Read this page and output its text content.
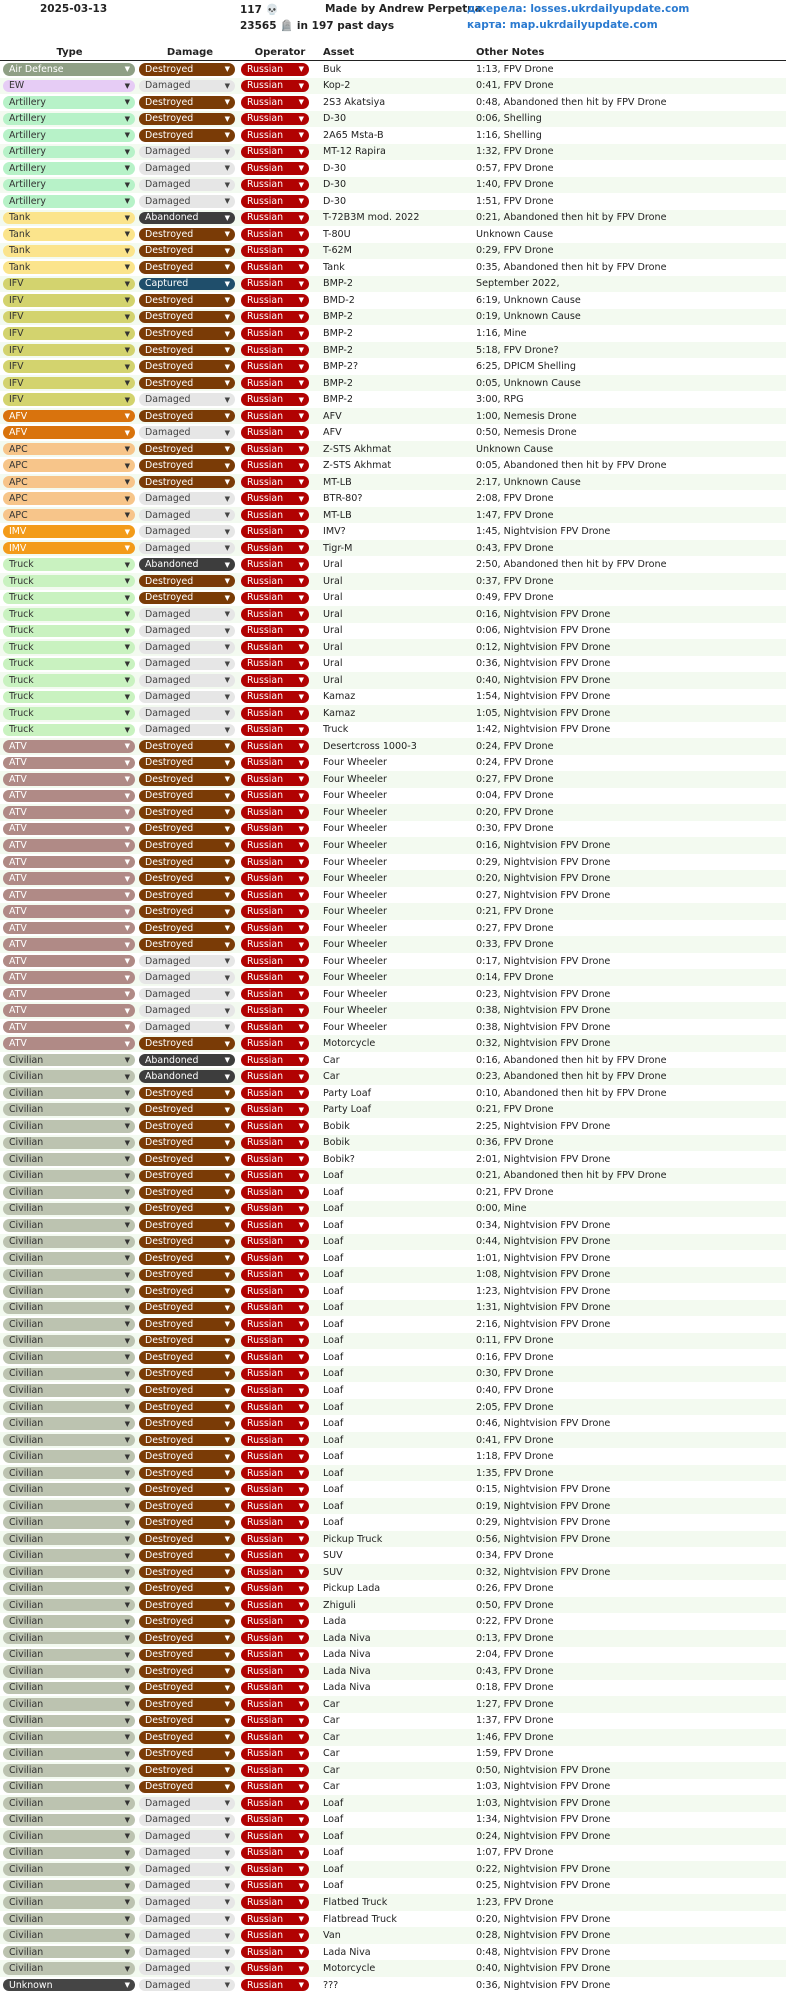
2025-03-13	117 💀
23565 🪦 in 197 past days
Made by Andrew Perpetua
джерела: losses.ukrdailyupdate.com
карта: map.ukrdailyupdate.com
Type	Damage	Operator	Asset	Other Notes
Air Defense	▼ Destroyed	▼ Russian ▼	Buk	1:13, FPV Drone
EW	▼ Damaged	▼ Russian ▼	Kop-2	0:41, FPV Drone
Artillery	▼ Destroyed	▼ Russian ▼	2S3 Akatsiya	0:48, Abandoned then hit by FPV Drone
Artillery	▼ Destroyed	▼ Russian ▼	D-30	0:06, Shelling
Artillery	▼ Destroyed	▼ Russian ▼	2A65 Msta-B	1:16, Shelling
Artillery	▼ Damaged	▼ Russian ▼	MT-12 Rapira	1:32, FPV Drone
Artillery	▼ Damaged	▼ Russian ▼	D-30	0:57, FPV Drone
Artillery	▼ Damaged	▼ Russian ▼	D-30	1:40, FPV Drone
Artillery	▼ Damaged	▼ Russian ▼	D-30	1:51, FPV Drone
Tank	▼ Abandoned	▼ Russian ▼	T-72B3M mod. 2022	0:21, Abandoned then hit by FPV Drone
Tank	▼ Destroyed	▼ Russian ▼	T-80U	Unknown Cause
Tank	▼ Destroyed	▼ Russian ▼	T-62M	0:29, FPV Drone
Tank	▼ Destroyed	▼ Russian ▼	Tank	0:35, Abandoned then hit by FPV Drone
IFV	▼ Captured	▼ Russian ▼	BMP-2	September 2022,
IFV	▼ Destroyed	▼ Russian ▼	BMD-2	6:19, Unknown Cause
IFV	▼ Destroyed	▼ Russian ▼	BMP-2	0:19, Unknown Cause
IFV	▼ Destroyed	▼ Russian ▼	BMP-2	1:16, Mine
IFV	▼ Destroyed	▼ Russian ▼	BMP-2	5:18, FPV Drone?
IFV	▼ Destroyed	▼ Russian ▼	BMP-2?	6:25, DPICM Shelling
IFV	▼ Destroyed	▼ Russian ▼	BMP-2	0:05, Unknown Cause
IFV	▼ Damaged	▼ Russian ▼	BMP-2	3:00, RPG
AFV	▼ Destroyed	▼ Russian ▼	AFV	1:00, Nemesis Drone
AFV	▼ Damaged	▼ Russian ▼	AFV	0:50, Nemesis Drone
APC	▼ Destroyed	▼ Russian ▼	Z-STS Akhmat	Unknown Cause
APC	▼ Destroyed	▼ Russian ▼	Z-STS Akhmat	0:05, Abandoned then hit by FPV Drone
APC	▼ Destroyed	▼ Russian ▼	MT-LB	2:17, Unknown Cause
APC	▼ Damaged	▼ Russian ▼	BTR-80?	2:08, FPV Drone
APC	▼ Damaged	▼ Russian ▼	MT-LB	1:47, FPV Drone
IMV	▼ Damaged	▼ Russian ▼	IMV?	1:45, Nightvision FPV Drone
IMV	▼ Damaged	▼ Russian ▼	Tigr-M	0:43, FPV Drone
Truck	▼ Abandoned	▼ Russian ▼	Ural	2:50, Abandoned then hit by FPV Drone
Truck	▼ Destroyed	▼ Russian ▼	Ural	0:37, FPV Drone
Truck	▼ Destroyed	▼ Russian ▼	Ural	0:49, FPV Drone
Truck	▼ Damaged	▼ Russian ▼	Ural	0:16, Nightvision FPV Drone
Truck	▼ Damaged	▼ Russian ▼	Ural	0:06, Nightvision FPV Drone
Truck	▼ Damaged	▼ Russian ▼	Ural	0:12, Nightvision FPV Drone
Truck	▼ Damaged	▼ Russian ▼	Ural	0:36, Nightvision FPV Drone
Truck	▼ Damaged	▼ Russian ▼	Ural	0:40, Nightvision FPV Drone
Truck	▼ Damaged	▼ Russian ▼	Kamaz	1:54, Nightvision FPV Drone
Truck	▼ Damaged	▼ Russian ▼	Kamaz	1:05, Nightvision FPV Drone
Truck	▼ Damaged	▼ Russian ▼	Truck	1:42, Nightvision FPV Drone
ATV	▼ Destroyed	▼ Russian ▼	Desertcross 1000-3	0:24, FPV Drone
ATV	▼ Destroyed	▼ Russian ▼	Four Wheeler	0:24, FPV Drone
ATV	▼ Destroyed	▼ Russian ▼	Four Wheeler	0:27, FPV Drone
ATV	▼ Destroyed	▼ Russian ▼	Four Wheeler	0:04, FPV Drone
ATV	▼ Destroyed	▼ Russian ▼	Four Wheeler	0:20, FPV Drone
ATV	▼ Destroyed	▼ Russian ▼	Four Wheeler	0:30, FPV Drone
ATV	▼ Destroyed	▼ Russian ▼	Four Wheeler	0:16, Nightvision FPV Drone
ATV	▼ Destroyed	▼ Russian ▼	Four Wheeler	0:29, Nightvision FPV Drone
ATV	▼ Destroyed	▼ Russian ▼	Four Wheeler	0:20, Nightvision FPV Drone
ATV	▼ Destroyed	▼ Russian ▼	Four Wheeler	0:27, Nightvision FPV Drone
ATV	▼ Destroyed	▼ Russian ▼	Four Wheeler	0:21, FPV Drone
ATV	▼ Destroyed	▼ Russian ▼	Four Wheeler	0:27, FPV Drone
ATV	▼ Destroyed	▼ Russian ▼	Four Wheeler	0:33, FPV Drone
ATV	▼ Damaged	▼ Russian ▼	Four Wheeler	0:17, Nightvision FPV Drone
ATV	▼ Damaged	▼ Russian ▼	Four Wheeler	0:14, FPV Drone
ATV	▼ Damaged	▼ Russian ▼	Four Wheeler	0:23, Nightvision FPV Drone
ATV	▼ Damaged	▼ Russian ▼	Four Wheeler	0:38, Nightvision FPV Drone
ATV	▼ Damaged	▼ Russian ▼	Four Wheeler	0:38, Nightvision FPV Drone
ATV	▼ Destroyed	▼ Russian ▼	Motorcycle	0:32, Nightvision FPV Drone
Civilian	▼ Abandoned	▼ Russian ▼	Car	0:16, Abandoned then hit by FPV Drone
Civilian	▼ Abandoned	▼ Russian ▼	Car	0:23, Abandoned then hit by FPV Drone
Civilian	▼ Destroyed	▼ Russian ▼	Party Loaf	0:10, Abandoned then hit by FPV Drone
Civilian	▼ Destroyed	▼ Russian ▼	Party Loaf	0:21, FPV Drone
Civilian	▼ Destroyed	▼ Russian ▼	Bobik	2:25, Nightvision FPV Drone
Civilian	▼ Destroyed	▼ Russian ▼	Bobik	0:36, FPV Drone
Civilian	▼ Destroyed	▼ Russian ▼	Bobik?	2:01, Nightvision FPV Drone
Civilian	▼ Destroyed	▼ Russian ▼	Loaf	0:21, Abandoned then hit by FPV Drone
Civilian	▼ Destroyed	▼ Russian ▼	Loaf	0:21, FPV Drone
Civilian	▼ Destroyed	▼ Russian ▼	Loaf	0:00, Mine
Civilian	▼ Destroyed	▼ Russian ▼	Loaf	0:34, Nightvision FPV Drone
Civilian	▼ Destroyed	▼ Russian ▼	Loaf	0:44, Nightvision FPV Drone
Civilian	▼ Destroyed	▼ Russian ▼	Loaf	1:01, Nightvision FPV Drone
Civilian	▼ Destroyed	▼ Russian ▼	Loaf	1:08, Nightvision FPV Drone
Civilian	▼ Destroyed	▼ Russian ▼	Loaf	1:23, Nightvision FPV Drone
Civilian	▼ Destroyed	▼ Russian ▼	Loaf	1:31, Nightvision FPV Drone
Civilian	▼ Destroyed	▼ Russian ▼	Loaf	2:16, Nightvision FPV Drone
Civilian	▼ Destroyed	▼ Russian ▼	Loaf	0:11, FPV Drone
Civilian	▼ Destroyed	▼ Russian ▼	Loaf	0:16, FPV Drone
Civilian	▼ Destroyed	▼ Russian ▼	Loaf	0:30, FPV Drone
Civilian	▼ Destroyed	▼ Russian ▼	Loaf	0:40, FPV Drone
Civilian	▼ Destroyed	▼ Russian ▼	Loaf	2:05, FPV Drone
Civilian	▼ Destroyed	▼ Russian ▼	Loaf	0:46, Nightvision FPV Drone
Civilian	▼ Destroyed	▼ Russian ▼	Loaf	0:41, FPV Drone
Civilian	▼ Destroyed	▼ Russian ▼	Loaf	1:18, FPV Drone
Civilian	▼ Destroyed	▼ Russian ▼	Loaf	1:35, FPV Drone
Civilian	▼ Destroyed	▼ Russian ▼	Loaf	0:15, Nightvision FPV Drone
Civilian	▼ Destroyed	▼ Russian ▼	Loaf	0:19, Nightvision FPV Drone
Civilian	▼ Destroyed	▼ Russian ▼	Loaf	0:29, Nightvision FPV Drone
Civilian	▼ Destroyed	▼ Russian ▼	Pickup Truck	0:56, Nightvision FPV Drone
Civilian	▼ Destroyed	▼ Russian ▼	SUV	0:34, FPV Drone
Civilian	▼ Destroyed	▼ Russian ▼	SUV	0:32, Nightvision FPV Drone
Civilian	▼ Destroyed	▼ Russian ▼	Pickup Lada	0:26, FPV Drone
Civilian	▼ Destroyed	▼ Russian ▼	Zhiguli	0:50, FPV Drone
Civilian	▼ Destroyed	▼ Russian ▼	Lada	0:22, FPV Drone
Civilian	▼ Destroyed	▼ Russian ▼	Lada Niva	0:13, FPV Drone
Civilian	▼ Destroyed	▼ Russian ▼	Lada Niva	2:04, FPV Drone
Civilian	▼ Destroyed	▼ Russian ▼	Lada Niva	0:43, FPV Drone
Civilian	▼ Destroyed	▼ Russian ▼	Lada Niva	0:18, FPV Drone
Civilian	▼ Destroyed	▼ Russian ▼	Car	1:27, FPV Drone
Civilian	▼ Destroyed	▼ Russian ▼	Car	1:37, FPV Drone
Civilian	▼ Destroyed	▼ Russian ▼	Car	1:46, FPV Drone
Civilian	▼ Destroyed	▼ Russian ▼	Car	1:59, FPV Drone
Civilian	▼ Destroyed	▼ Russian ▼	Car	0:50, Nightvision FPV Drone
Civilian	▼ Destroyed	▼ Russian ▼	Car	1:03, Nightvision FPV Drone
Civilian	▼ Damaged	▼ Russian ▼	Loaf	1:03, Nightvision FPV Drone
Civilian	▼ Damaged	▼ Russian ▼	Loaf	1:34, Nightvision FPV Drone
Civilian	▼ Damaged	▼ Russian ▼	Loaf	0:24, Nightvision FPV Drone
Civilian	▼ Damaged	▼ Russian ▼	Loaf	1:07, FPV Drone
Civilian	▼ Damaged	▼ Russian ▼	Loaf	0:22, Nightvision FPV Drone
Civilian	▼ Damaged	▼ Russian ▼	Loaf	0:25, Nightvision FPV Drone
Civilian	▼ Damaged	▼ Russian ▼	Flatbed Truck	1:23, FPV Drone
Civilian	▼ Damaged	▼ Russian ▼	Flatbread Truck	0:20, Nightvision FPV Drone
Civilian	▼ Damaged	▼ Russian ▼	Van	0:28, Nightvision FPV Drone
Civilian	▼ Damaged	▼ Russian ▼	Lada Niva	0:48, Nightvision FPV Drone
Civilian	▼ Damaged	▼ Russian ▼	Motorcycle	0:40, Nightvision FPV Drone
Unknown	▼ Damaged	▼ Russian ▼	???	0:36, Nightvision FPV Drone
